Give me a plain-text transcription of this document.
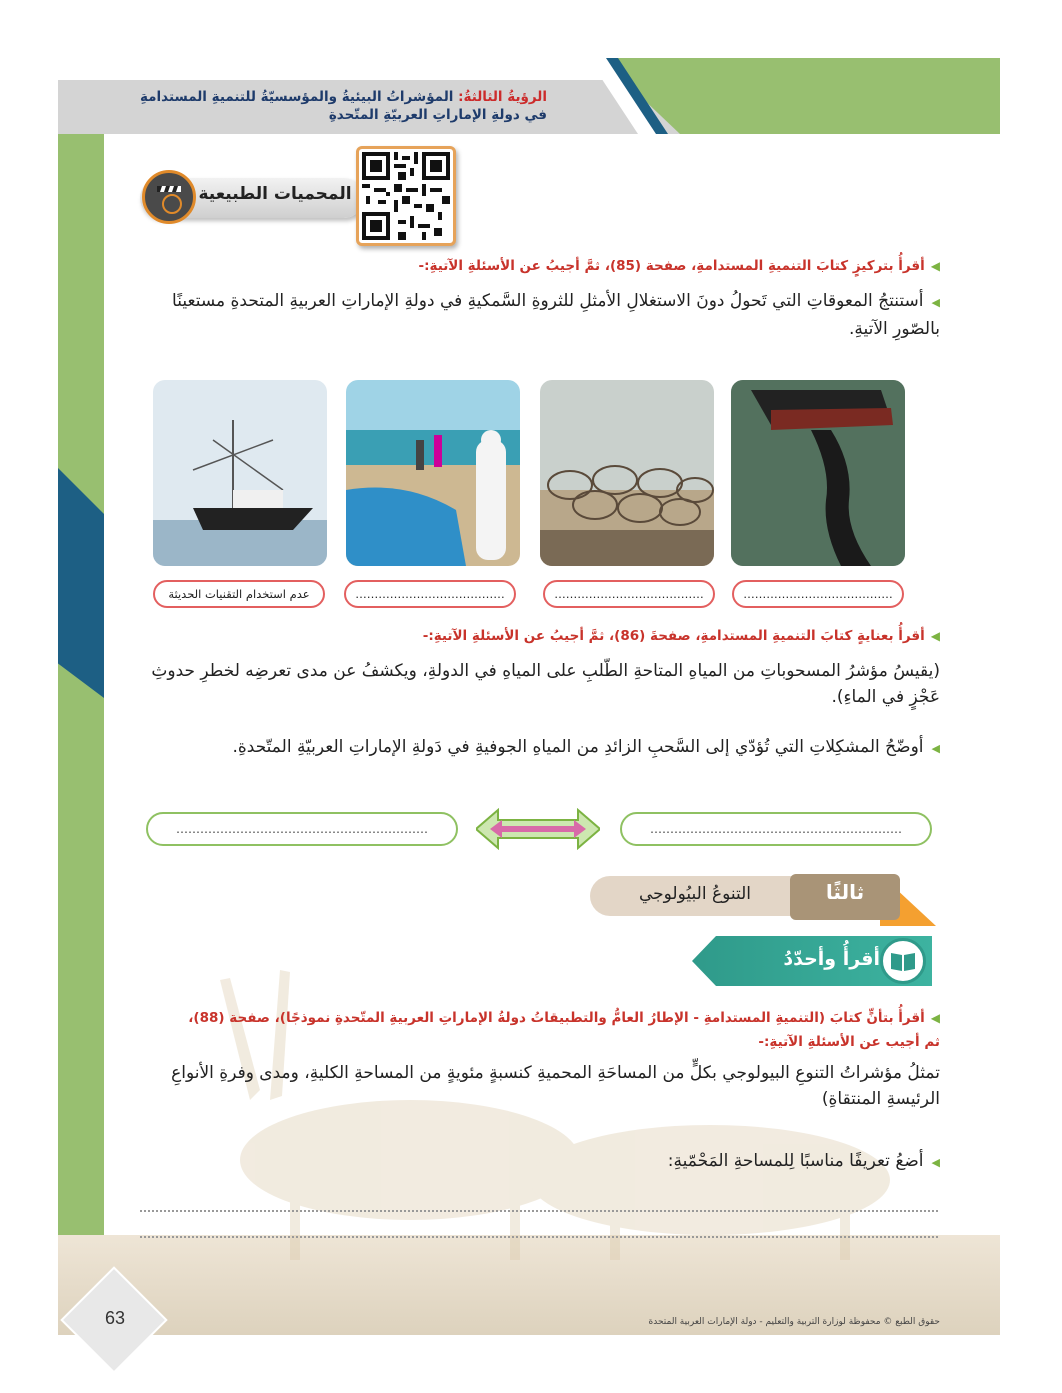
الرؤيةُ الثالثةُ: المؤشراتُ البيئيةُ والمؤسسيّةُ للتنميةِ المستدامةِ
في دولةِ الإماراتِ العربيّةِ المتّحدةِ
المحميات الطبيعية
◀أقرأُ بتركيزٍ كتابَ التنميةِ المستدامةِ، صفحة (85)، ثمَّ أجيبُ عن الأسئلةِ الآتيةِ:-
◀أستنتجُ المعوقاتِ التي تَحولُ دونَ الاستغلالِ الأمثلِ للثروةِ السَّمكيةِ في دولةِ الإماراتِ العربيةِ المتحدةِ مستعينًا
بالصّورِ الآتيةِ.
…………………………………
…………………………………
…………………………………
عدم استخدام التقنيات الحديثة
◀أقرأُ بعنايةٍ كتابَ التنميةِ المستدامةِ، صفحةَ (86)، ثمَّ أجيبُ عن الأسئلةِ الآتيةِ:-
(يقيسُ مؤشرُ المسحوباتِ من المياهِ المتاحةِ الطّلبِ على المياهِ في الدولةِ، ويكشفُ عن مدى تعرضِه لخطرِ حدوثِ
عَجْزٍ في الماءِ).
◀أوضّحُ المشكِلاتِ التي تُؤدّي إلى السَّحبِ الزائدِ من المياهِ الجوفيةِ في دَولةِ الإماراتِ العربيّةِ المتّحدةِ.
………………………………………………………
………………………………………………………
ثالثًا
التنوعُ البيُولوجي
أقرأُ وأحدّدُ
◀أقرأُ بتأنٍّ كتابَ (التنميةِ المستدامةِ - الإطارُ العامُّ والتطبيقاتُ دولةُ الإماراتِ العربيةِ المتّحدةِ نموذجًا)، صفحة (88)،
ثم أجيب عن الأسئلةِ الآتيةِ:-
تمثلُ مؤشراتُ التنوعِ البيولوجي بكلٍّ من المساحَةِ المحميةِ كنسبةٍ مئويةٍ من المساحةِ الكليةِ، ومدى وفرةِ الأنواعِ
الرئيسةِ المنتقاةِ)
◀أضعُ تعريفًا مناسبًا لِلمساحةِ المَحْمّيةِ:
63	حقوق الطبع © محفوظة لوزارة التربية والتعليم - دولة الإمارات العربية المتحدة
